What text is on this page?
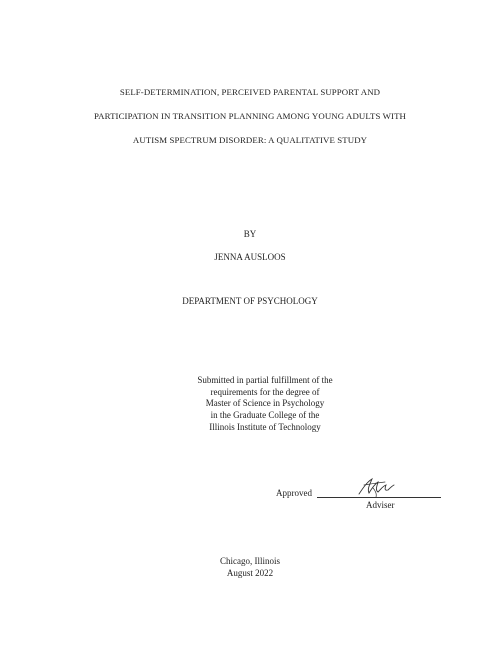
SELF-DETERMINATION, PERCEIVED PARENTAL SUPPORT AND
PARTICIPATION IN TRANSITION PLANNING AMONG YOUNG ADULTS WITH
AUTISM SPECTRUM DISORDER: A QUALITATIVE STUDY
BY
JENNA AUSLOOS
DEPARTMENT OF PSYCHOLOGY
Submitted in partial fulfillment of the
requirements for the degree of
Master of Science in Psychology
in the Graduate College of the
Illinois Institute of Technology
Approved
Adviser
Chicago, Illinois
August 2022
